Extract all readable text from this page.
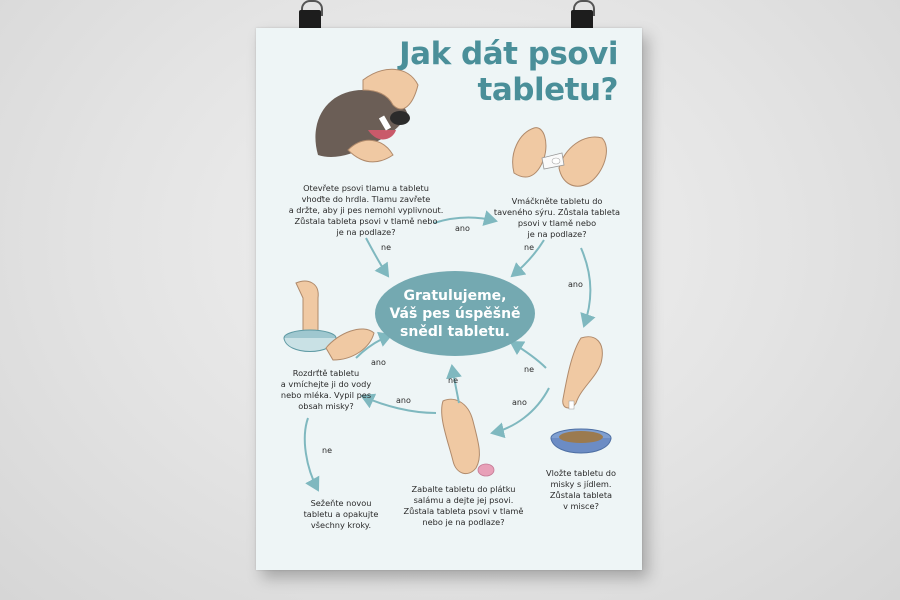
Jak dát psovi
tabletu?
Otevřete psovi tlamu a tabletu
vhoďte do hrdla. Tlamu zavřete
a držte, aby ji pes nemohl vyplivnout.
Zůstala tableta psovi v tlamě nebo
je na podlaze?
Vmáčkněte tabletu do
taveného sýru. Zůstala tableta
psovi v tlamě nebo
je na podlaze?
Vložte tabletu do
misky s jídlem.
Zůstala tableta
v misce?
Zabalte tabletu do plátku
salámu a dejte jej psovi.
Zůstala tableta psovi v tlamě
nebo je na podlaze?
Rozdrťtě tabletu
a vmíchejte ji do vody
nebo mléka. Vypil pes
obsah misky?
Sežeňte novou
tabletu a opakujte
všechny kroky.
Gratulujeme,
Váš pes úspěšně
snědl tabletu.
ano
ne	ne
ano
ne
ano
ne
ano
ano
ne
